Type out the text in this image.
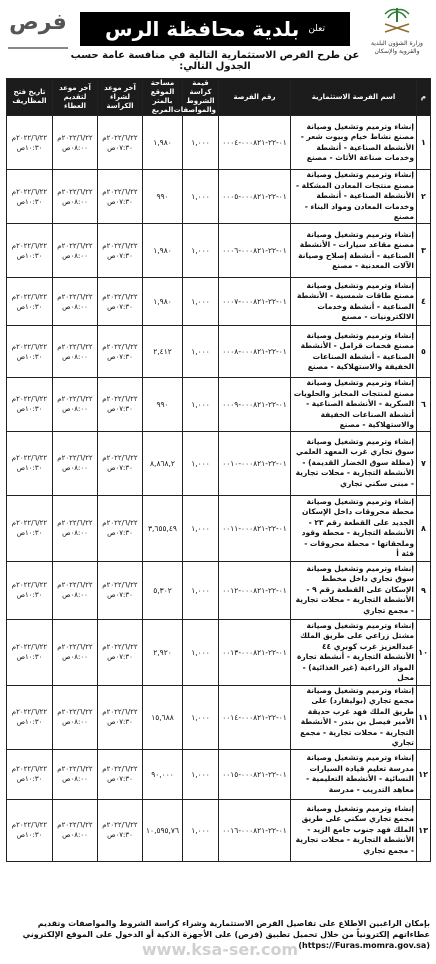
فرص	تعلن بلدية محافظة الرس
عن طرح الفرص الاستثمارية التالية في منافسة عامة حسب الجدول التالي:
وزارة الشؤون البلدية والقروية والإسكان
م	اسم الفرصة الاستثمارية	رقم الفرصة	قيمة كراسة الشروط والمواصفات	مساحة الموقع بالمتر المربع	آخر موعد لشراء الكراسة	آخر موعد لتقديم العطاء	تاريخ فتح المظاريف
١	إنشاء وترميم وتشغيل وصيانة مصنع نشاط خيام وبيوت شعر - الأنشطة الصناعية - أنشطة وخدمات صناعة الأثاث - مصنع	٠١-٢٢-٠٠٠٨٢١-٠٠٠٤	١,٠٠٠	١,٩٨٠	٢٠٢٢/٦/٢٢م ٠٧:٣٠ص	٢٠٢٢/٦/٢٢م ٠٨:٠٠ص	٢٠٢٢/٦/٢٢م ١٠:٣٠ص
٢	إنشاء وترميم وتشغيل وصيانة مصنع منتجات المعادن المشكلة - الأنشطة الصناعية - أنشطة وخدمات المعادن ومواد البناء - مصنع	٠١-٢٢-٠٠٠٨٢١-٠٠٠٥	١,٠٠٠	٩٩٠	٢٠٢٢/٦/٢٢م ٠٧:٣٠ص	٢٠٢٢/٦/٢٢م ٠٨:٠٠ص	٢٠٢٢/٦/٢٢م ١٠:٣٠ص
٣	إنشاء وترميم وتشغيل وصيانة مصنع مقاعد سيارات - الأنشطة الصناعية - أنشطة إصلاح وصيانة الآلات المعدنية - مصنع	٠١-٢٢-٠٠٠٨٢١-٠٠٠٦	١,٠٠٠	١,٩٨٠	٢٠٢٢/٦/٢٢م ٠٧:٣٠ص	٢٠٢٢/٦/٢٢م ٠٨:٠٠ص	٢٠٢٢/٦/٢٢م ١٠:٣٠ص
٤	إنشاء وترميم وتشغيل وصيانة مصنع طاقات شمسية - الأنشطة الصناعية - أنشطة وخدمات الالكترونيات - مصنع	٠١-٢٢-٠٠٠٨٢١-٠٠٠٧	١,٠٠٠	١,٩٨٠	٢٠٢٢/٦/٢٢م ٠٧:٣٠ص	٢٠٢٢/٦/٢٢م ٠٨:٠٠ص	٢٠٢٢/٦/٢٢م ١٠:٣٠ص
٥	إنشاء وترميم وتشغيل وصيانة مصنع فحمات قرامل - الأنشطة الصناعية - أنشطة الصناعات الخفيفة والاستهلاكية - مصنع	٠١-٢٢-٠٠٠٨٢١-٠٠٠٨	١,٠٠٠	٢,٤١٢	٢٠٢٢/٦/٢٢م ٠٧:٣٠ص	٢٠٢٢/٦/٢٢م ٠٨:٠٠ص	٢٠٢٢/٦/٢٢م ١٠:٣٠ص
٦	إنشاء وترميم وتشغيل وصيانة مصنع لمنتجات المخابز والحلويات السكرية - الأنشطة الصناعية - أنشطة الصناعات الخفيفة والاستهلاكية - مصنع	٠١-٢٢-٠٠٠٨٢١-٠٠٠٩	١,٠٠٠	٩٩٠	٢٠٢٢/٦/٢٢م ٠٧:٣٠ص	٢٠٢٢/٦/٢٢م ٠٨:٠٠ص	٢٠٢٢/٦/٢٢م ١٠:٣٠ص
٧	إنشاء وترميم وتشغيل وصيانة سوق تجاري غرب المعهد العلمي (مظلة سوق الخضار القديمة) - الأنشطة التجارية - محلات تجارية - مبنى سكني تجاري	٠١-٢٢-٠٠٠٨٢١-٠٠١٠	١,٠٠٠	٨,٨٦٨,٢	٢٠٢٢/٦/٢٢م ٠٧:٣٠ص	٢٠٢٢/٦/٢٢م ٠٨:٠٠ص	٢٠٢٢/٦/٢٢م ١٠:٣٠ص
٨	إنشاء وترميم وتشغيل وصيانة محطة محروقات داخل الإسكان الجديد على القطعة رقم ٢٣ - الأنشطة التجارية - محطة وقود وملحقاتها - محطة محروقات - فئة أ	٠١-٢٢-٠٠٠٨٢١-٠٠١١	١,٠٠٠	٣,٦٥٥,٤٩	٢٠٢٢/٦/٢٢م ٠٧:٣٠ص	٢٠٢٢/٦/٢٢م ٠٨:٠٠ص	٢٠٢٢/٦/٢٢م ١٠:٣٠ص
٩	إنشاء وترميم وتشغيل وصيانة سوق تجاري داخل مخطط الإسكان على القطعة رقم ٩ - الأنشطة التجارية - محلات تجارية - مجمع تجاري	٠١-٢٢-٠٠٠٨٢١-٠٠١٢	١,٠٠٠	٥,٣٠٢	٢٠٢٢/٦/٢٢م ٠٧:٣٠ص	٢٠٢٢/٦/٢٢م ٠٨:٠٠ص	٢٠٢٢/٦/٢٢م ١٠:٣٠ص
١٠	إنشاء وترميم وتشغيل وصيانة مشتل زراعي على طريق الملك عبدالعزيز غرب كوبري ٤٤ الأنشطة التجارية - أنشطة تجارة المواد الزراعية (غير الغذائية) - محل	٠١-٢٢-٠٠٠٨٢١-٠٠١٣	١,٠٠٠	٢,٩٢٠	٢٠٢٢/٦/٢٢م ٠٧:٣٠ص	٢٠٢٢/٦/٢٢م ٠٨:٠٠ص	٢٠٢٢/٦/٢٢م ١٠:٣٠ص
١١	إنشاء وترميم وتشغيل وصيانة مجمع تجاري (بوليفارد) على طريق الملك فهد غرب حديقة الأمير فيصل بن بندر - الأنشطة التجارية - محلات تجارية - مجمع تجاري	٠١-٢٢-٠٠٠٨٢١-٠٠١٤	١,٠٠٠	١٥,٦٨٨	٢٠٢٢/٦/٢٢م ٠٧:٣٠ص	٢٠٢٢/٦/٢٢م ٠٨:٠٠ص	٢٠٢٢/٦/٢٢م ١٠:٣٠ص
١٢	إنشاء وترميم وتشغيل وصيانة مدرسة تعليم قيادة السيارات النسائية - الأنشطة التعليمية - معاهد التدريب - مدرسة	٠١-٢٢-٠٠٠٨٢١-٠٠١٥	١,٠٠٠	٩٠,٠٠٠	٢٠٢٢/٦/٢٢م ٠٧:٣٠ص	٢٠٢٢/٦/٢٢م ٠٨:٠٠ص	٢٠٢٢/٦/٢٢م ١٠:٣٠ص
١٣	إنشاء وترميم وتشغيل وصيانة مجمع تجاري سكني على طريق الملك فهد جنوب جامع الزيد - الأنشطة التجارية - محلات تجارية - مجمع تجاري	٠١-٢٢-٠٠٠٨٢١-٠٠١٦	١,٠٠٠	١٠,٥٩٥,٧٦	٢٠٢٢/٦/٢٢م ٠٧:٣٠ص	٢٠٢٢/٦/٢٢م ٠٨:٠٠ص	٢٠٢٢/٦/٢٢م ١٠:٣٠ص
بإمكان الراغبين الاطلاع على تفاصيل الفرص الاستثمارية وشراء كراسة الشروط والمواصفات وتقديم عطاءاتهم إلكترونياً من خلال تحميل تطبيق (فرص) على الأجهزة الذكية أو الدخول على الموقع الإلكتروني (https://Furas.momra.gov.sa)
www.ksa-ser.com
